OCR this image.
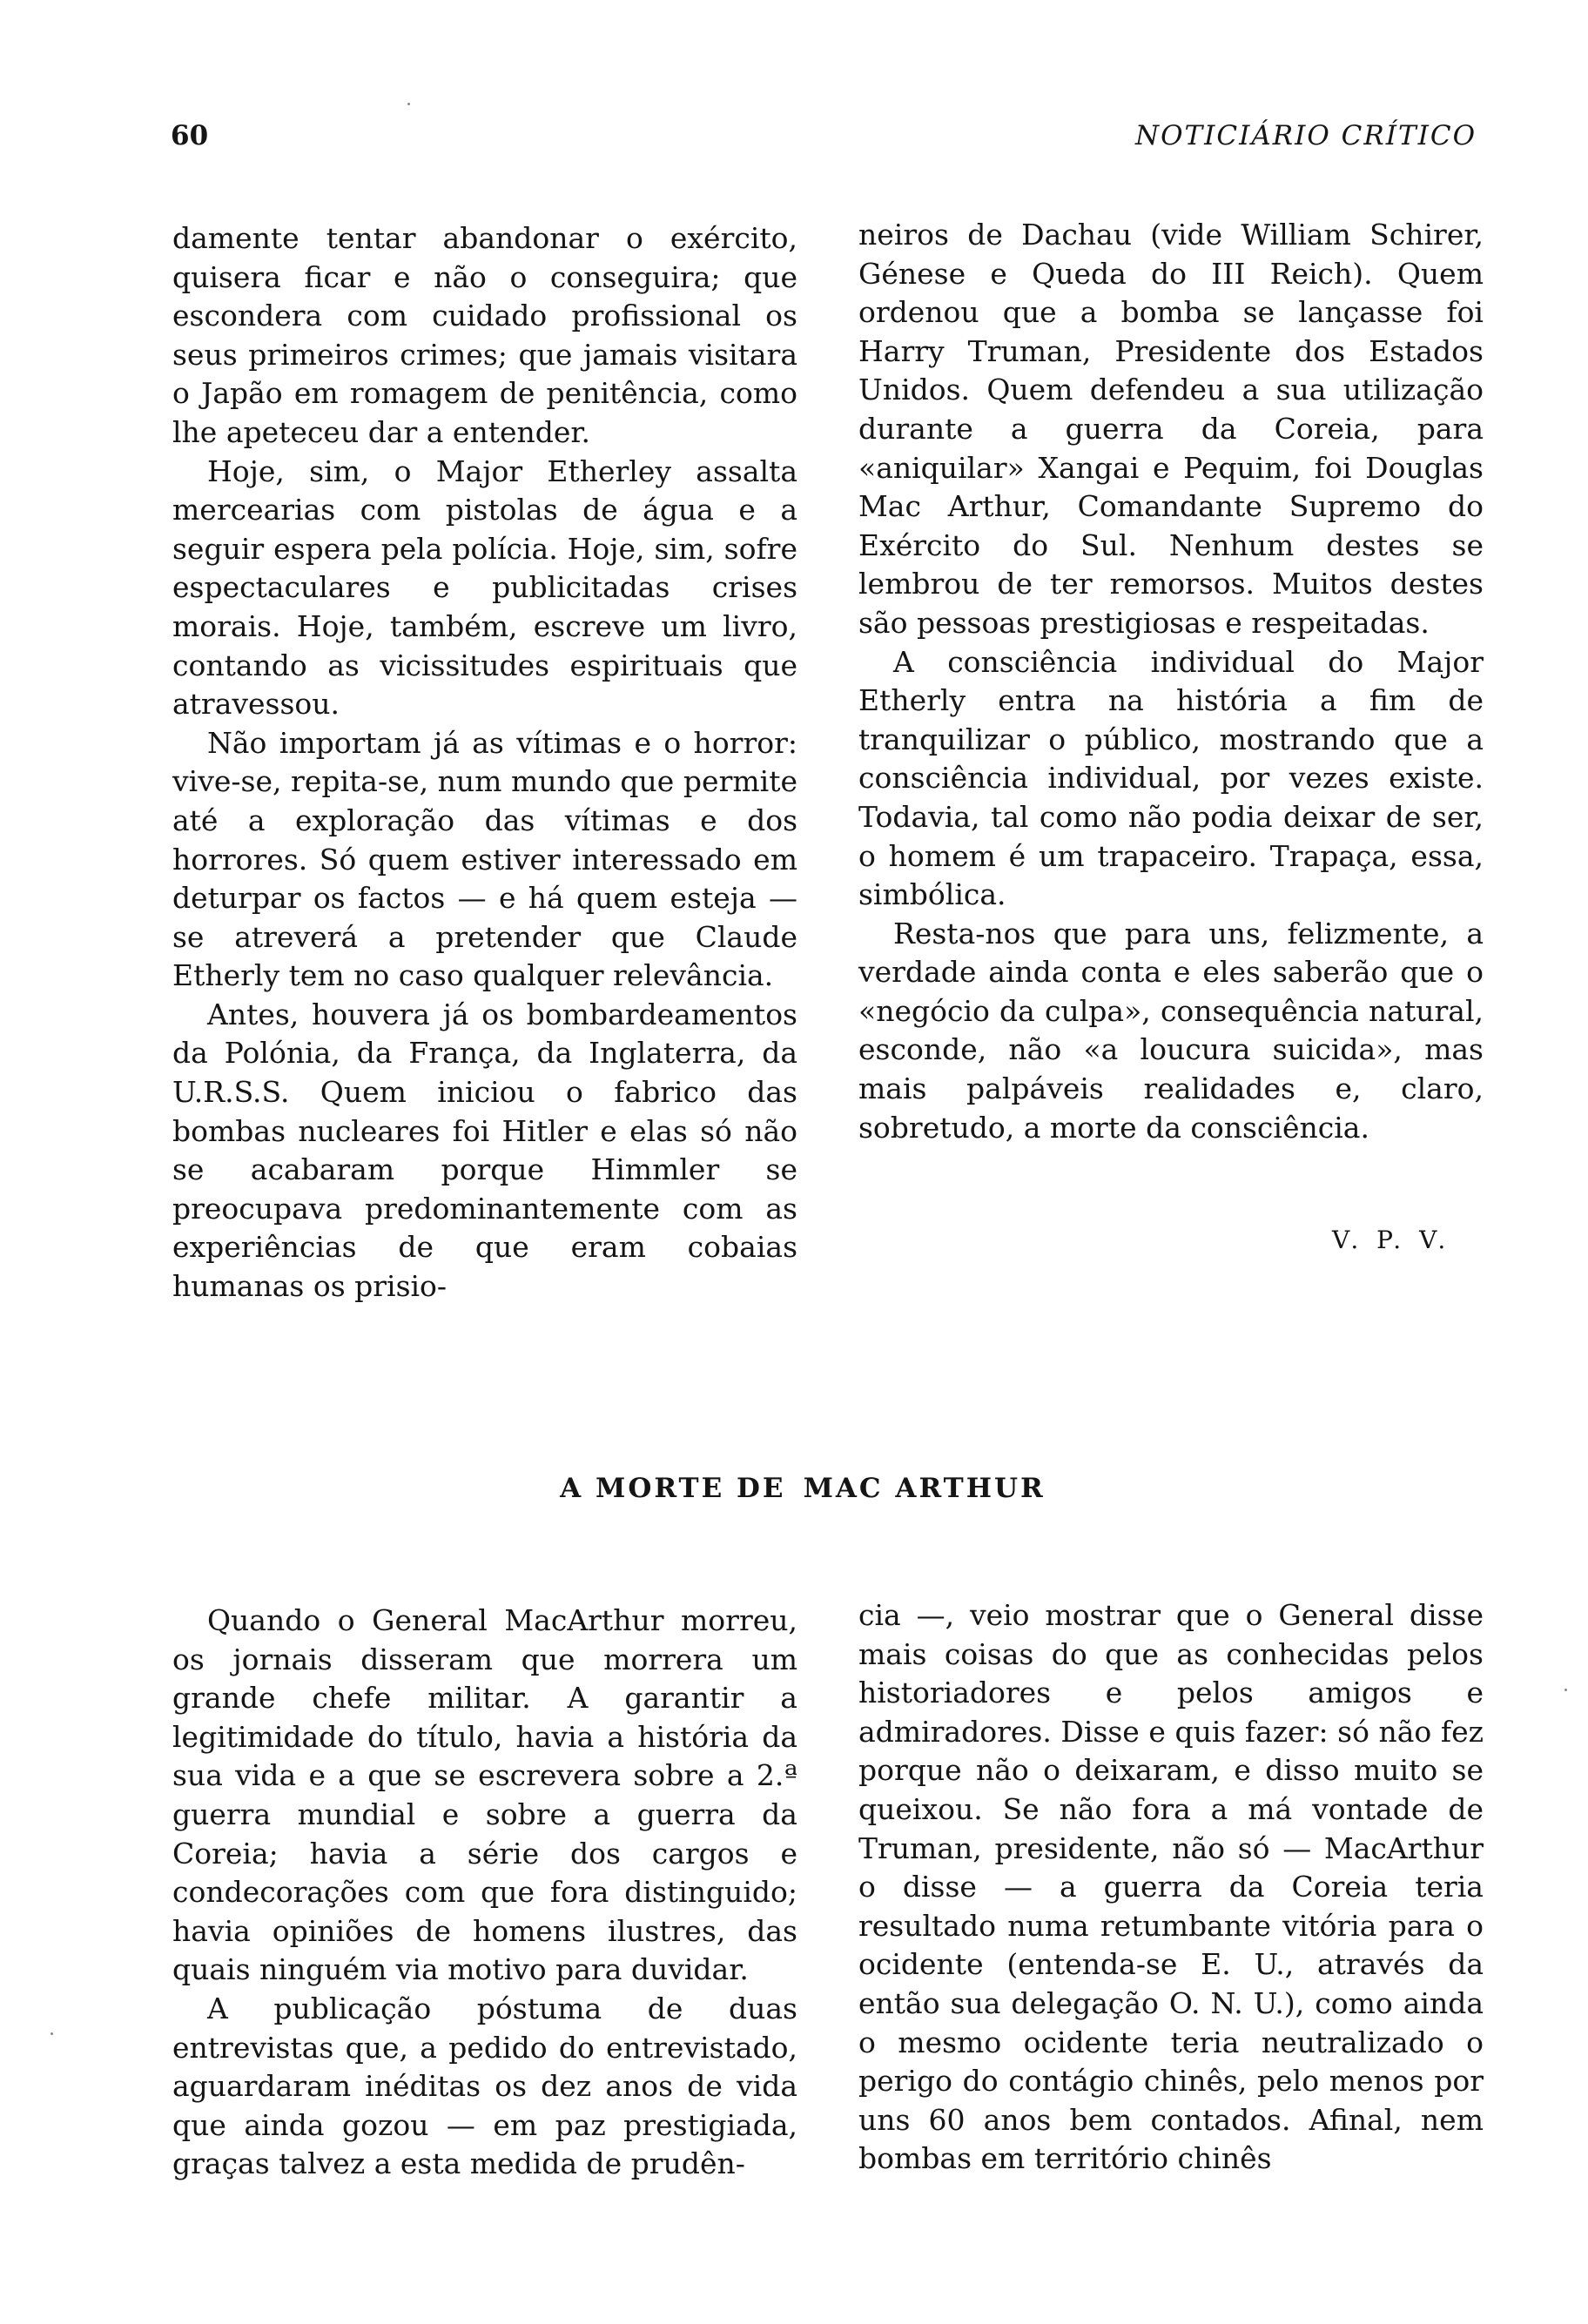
60	NOTICIÁRIO CRÍTICO

damente tentar abandonar o exército, quisera ficar e não o conseguira; que escondera com cuidado profissional os seus primeiros crimes; que jamais visitara o Japão em romagem de penitência, como lhe apeteceu dar a entender.

Hoje, sim, o Major Etherley assalta mercearias com pistolas de água e a seguir espera pela polícia. Hoje, sim, sofre espectaculares e publicitadas crises morais. Hoje, também, escreve um livro, contando as vicissitudes espirituais que atravessou.

Não importam já as vítimas e o horror: vive-se, repita-se, num mundo que permite até a exploração das vítimas e dos horrores. Só quem estiver interessado em deturpar os factos — e há quem esteja — se atreverá a pretender que Claude Etherly tem no caso qualquer relevância.

Antes, houvera já os bombardeamentos da Polónia, da França, da Inglaterra, da U.R.S.S. Quem iniciou o fabrico das bombas nucleares foi Hitler e elas só não se acabaram porque Himmler se preocupava predominantemente com as experiências de que eram cobaias humanas os prisio-

neiros de Dachau (vide William Schirer, Génese e Queda do III Reich). Quem ordenou que a bomba se lançasse foi Harry Truman, Presidente dos Estados Unidos. Quem defendeu a sua utilização durante a guerra da Coreia, para «aniquilar» Xangai e Pequim, foi Douglas Mac Arthur, Comandante Supremo do Exército do Sul. Nenhum destes se lembrou de ter remorsos. Muitos destes são pessoas prestigiosas e respeitadas.

A consciência individual do Major Etherly entra na história a fim de tranquilizar o público, mostrando que a consciência individual, por vezes existe. Todavia, tal como não podia deixar de ser, o homem é um trapaceiro. Trapaça, essa, simbólica.

Resta-nos que para uns, felizmente, a verdade ainda conta e eles saberão que o «negócio da culpa», consequência natural, esconde, não «a loucura suicida», mas mais palpáveis realidades e, claro, sobretudo, a morte da consciência.

V. P. V.
A MORTE DE MAC ARTHUR

Quando o General MacArthur morreu, os jornais disseram que morrera um grande chefe militar. A garantir a legitimidade do título, havia a história da sua vida e a que se escrevera sobre a 2.ª guerra mundial e sobre a guerra da Coreia; havia a série dos cargos e condecorações com que fora distinguido; havia opiniões de homens ilustres, das quais ninguém via motivo para duvidar.

A publicação póstuma de duas entrevistas que, a pedido do entrevistado, aguardaram inéditas os dez anos de vida que ainda gozou — em paz prestigiada, graças talvez a esta medida de prudên-

cia —, veio mostrar que o General disse mais coisas do que as conhecidas pelos historiadores e pelos amigos e admiradores. Disse e quis fazer: só não fez porque não o deixaram, e disso muito se queixou. Se não fora a má vontade de Truman, presidente, não só — MacArthur o disse — a guerra da Coreia teria resultado numa retumbante vitória para o ocidente (entenda-se E. U., através da então sua delegação O. N. U.), como ainda o mesmo ocidente teria neutralizado o perigo do contágio chinês, pelo menos por uns 60 anos bem contados. Afinal, nem bombas em território chinês
